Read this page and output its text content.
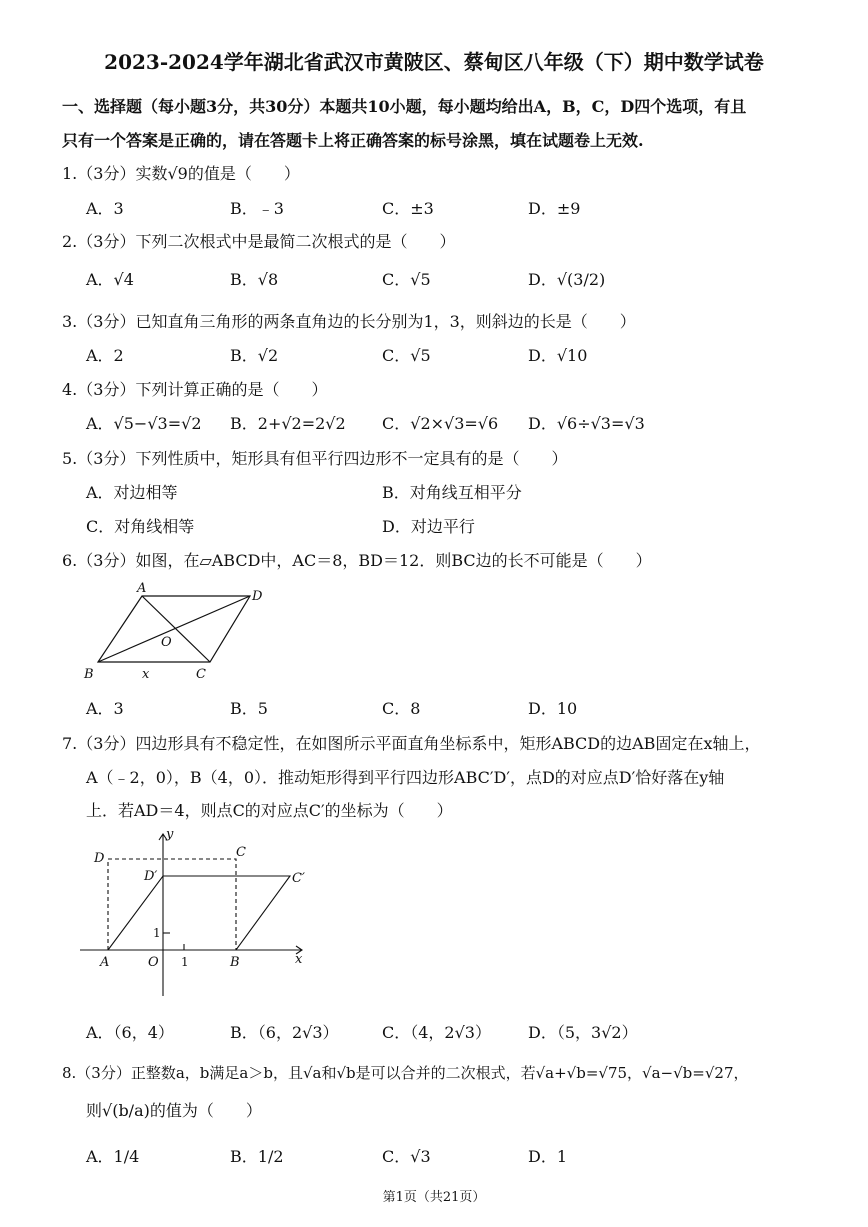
2023-2024学年湖北省武汉市黄陂区、蔡甸区八年级（下）期中数学试卷
一、选择题（每小题3分，共30分）本题共10小题，每小题均给出A，B，C，D四个选项，有且
只有一个答案是正确的，请在答题卡上将正确答案的标号涂黑，填在试题卷上无效.
1.（3分）实数√9的值是（　　）
A．3	B．﹣3	C．±3	D．±9
2.（3分）下列二次根式中是最简二次根式的是（　　）
A．√4	B．√8	C．√5	D．√(3/2)
3.（3分）已知直角三角形的两条直角边的长分别为1，3，则斜边的长是（　　）
A．2	B．√2	C．√5	D．√10
4.（3分）下列计算正确的是（　　）
A．√5−√3=√2 B．2+√2=2√2 C．√2×√3=√6 D．√6÷√3=√3
5.（3分）下列性质中，矩形具有但平行四边形不一定具有的是（　　）
A．对边相等	B．对角线互相平分
C．对角线相等	D．对边平行
6.（3分）如图，在▱ABCD中，AC＝8，BD＝12．则BC边的长不可能是（　　）
A
D
O
B	x	C
A．3	B．5	C．8	D．10
7.（3分）四边形具有不稳定性，在如图所示平面直角坐标系中，矩形ABCD的边AB固定在x轴上，
A（﹣2，0），B（4，0）．推动矩形得到平行四边形ABC′D′，点D的对应点D′恰好落在y轴
上．若AD＝4，则点C的对应点C′的坐标为（　　）
y
x
D	C
D′	C′
A	O	B
1
1
A．（6，4）	B．（6，2√3）	C．（4，2√3） D．（5，3√2）
8.（3分）正整数a，b满足a＞b，且√a和√b是可以合并的二次根式，若√a+√b=√75，√a−√b=√27，
则√(b/a)的值为（　　）
A．1/4	B．1/2	C．√3	D．1
第1页（共21页）
